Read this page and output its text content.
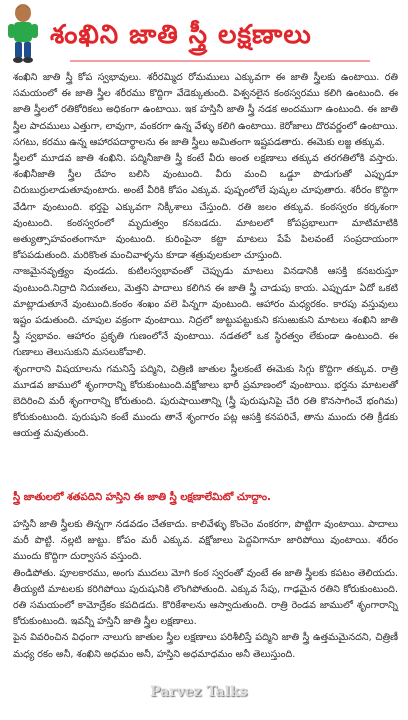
శంఖిని జాతి స్త్రీ లక్షణాలు

శంఖిని జాతి స్త్రీ కోప స్వభావులు. శరీరమ్మిద రోమములు ఎక్కువగా ఈ జాతి స్త్రీలకు ఉంటాయి. రతి సమయంలో ఈ జాతి స్త్రీల శరీరము కొద్దిగా వేడెక్కుతుంది. విశ్వనలైన కంఠస్వరము కలిగి ఉంటుంది. ఈ జాతి స్త్రీలలో రతికోరికలు అధికంగా ఉంటాయి. ఇక హస్తినీ జాతి స్త్రీ నడక అందముగా ఉంటుంది. ఈ జాతి స్త్రీల పాదములు ఎత్తుగా, లావుగా, వంకరగా ఉన్న వేళ్ళు కలిగి ఉంటాయి. కెరోజాలు దొరవర్ణంలో ఉంటాయి. సగటు, కరము ఉన్న ఆహారపదార్థాలను ఈ జాతి స్త్రీలు అమితంగా ఇష్టపడతారు. ఈమెకు లజ్జ తక్కువ.

స్త్రీలలో మూడవ జాతి శంఖిని. పద్మినీజాతి స్త్రీ కంటే వీరు అంత లక్షణాలు తక్కువ తరగతిలోకి వస్తారు. శంఖినీజాతి స్త్రీల దేహం బలిసి వుంటుంది. వీరు మంచి ఒడ్డూ పొడుగుతో ఎప్పుడూ చిరుబుర్రులాడుతూవుంటారు. అంటే వీరికి కోపం ఎక్కువ. పుష్పంలోలే పుష్కల చూపుతారు. శరీరం కొద్దిగా వేడిగా వుంటుంది. భర్తపై ఎక్కువగా నిక్కీశాలు చేస్తుంది. రతి జలం తక్కువ. కంఠస్వరం కర్కశంగా వుంటుంది. కంఠస్వరంలో మృదుత్వం కనబడదు. మాటలలో కోపప్రభాలుగా మాటిమాటికి అత్యుత్సాహవంతంగానూ వుంటుంది. కురింపైనా కట్టా మాటలు పేపే పిలవంటే సంప్రదాయంగా కోపపడుతుంది. మరికొంత మంచివాళ్ళను కూడా శత్రువులకులా చూస్తుంది.

నాజమైనవృత్త్యం వుండదు. కుటిలస్వభావంతో చెప్పుడు మాటలు వినడానికి ఆసక్తి కనబరుస్తూ వుంటుంది.నిద్రాది నిదుఃతలు, మెత్తని పాదాలు కలిగిన ఈ జాతి స్త్రీ చాడుపు కాయ. ఎప్పుడూ ఏదో ఒకటి మాట్లాడుతూనే వుంటుంది.కంఠం శంఖం వలె పిన్నగా వుంటుంది. ఆహారం మధ్యరకం. కారపు వస్తువులు ఇష్టం పడుతుంది. చూపుల వక్రంగా వుంటాయి. నిద్రలో జుట్టుపట్టుకుని కసుఱుకుని మాటలు శంఖిని జాతి స్త్రీ స్వభావం. ఆహారం ప్రకృతి గుణంలోనే వుంటాయి. నడతలో ఒక స్థిరత్వం లేకుండా ఉంటుంది. ఈ గుణాలు తెలుసుకుని మసలుకోవాలి.

శృంగారాని విషయాలను గమనిస్తే పద్మిని, చిత్రిణి జాతుల స్త్రీలకంటే ఈమెకు సిగ్గు కొద్దిగా తక్కువ. రాత్రి మూడవ జాములో శృంగారాన్ని కోరుకుంటుంది.వక్షోజాలు భారీ ప్రమాణంలో వుంటాయి. భర్తను మాటలతో బెదిరించి మరీ శృంగారాన్ని కోరుతుంది. పురుషాయితాన్ని (స్త్రీ పురుషునిపై చేరి రతి కొనసాగించే భంగిమ) కోరుకుంటుంది. పురుషుని కంటే ముందు తానే శృంగారం పట్ల ఆసక్తి కనపరిచే, తాను ముందు రతి క్రీడకు ఆయత్త మవుతుంది.

స్త్రీ జాతులలో శతపదిని హస్తిని ఈ జాతి స్త్రీ లక్షణాలేమిటో చూద్దాం.

హస్తినీ జాతి స్త్రీలకు తిన్నగా నడవడం చేతకాదు. కాలివేళ్ళు కొంచెం వంకరగా, పొట్టిగా వుంటాయి. పాదాలు మరీ పొట్టి. నల్లటి జుట్టు. కోపం మరీ ఎక్కువ. వక్షోజాలు పెద్దవిగానూ జారిపోయి వుంటాయి. శరీరం ముందు కొద్దిగా దుర్వాసన వస్తుంది.

తిండిపోతు. పూలకారము, అంగు ముదలు మోగి కంఠ స్వరంతో వుంటే ఈ జాతి స్త్రీలకు కపటం తెలియదు. తీయ్యటి మాటలకు కరిగిపోయి పురుషునికి లొంగిపోతుంది. ఎక్కువ సేపు, గాఢమైన రతిని కోరుకుంటుంది. రతి సమయంలో కామోద్రేకం కపదిడదు. కొరికేశాలను ఆస్వాదుతుంది. రాత్రి రెండవ జాములో శృంగారాన్ని కోరుకుంటుంది. ఇవన్నీ హస్తినీ జాతి స్త్రీల లక్షణాలు.

పైన వివరించిన విధంగా నాలుగు జాతుల స్త్రీల లక్షణాలు పరిశీలిస్తే పద్మిని జాతి స్త్రీ ఉత్తమమైనదని, చిత్రిణీ మధ్య రకం అనీ, శంఖిని అధమం అనీ, హస్తిని అధమాధమం అనీ తెలుస్తుంది.

Parvez Talks
